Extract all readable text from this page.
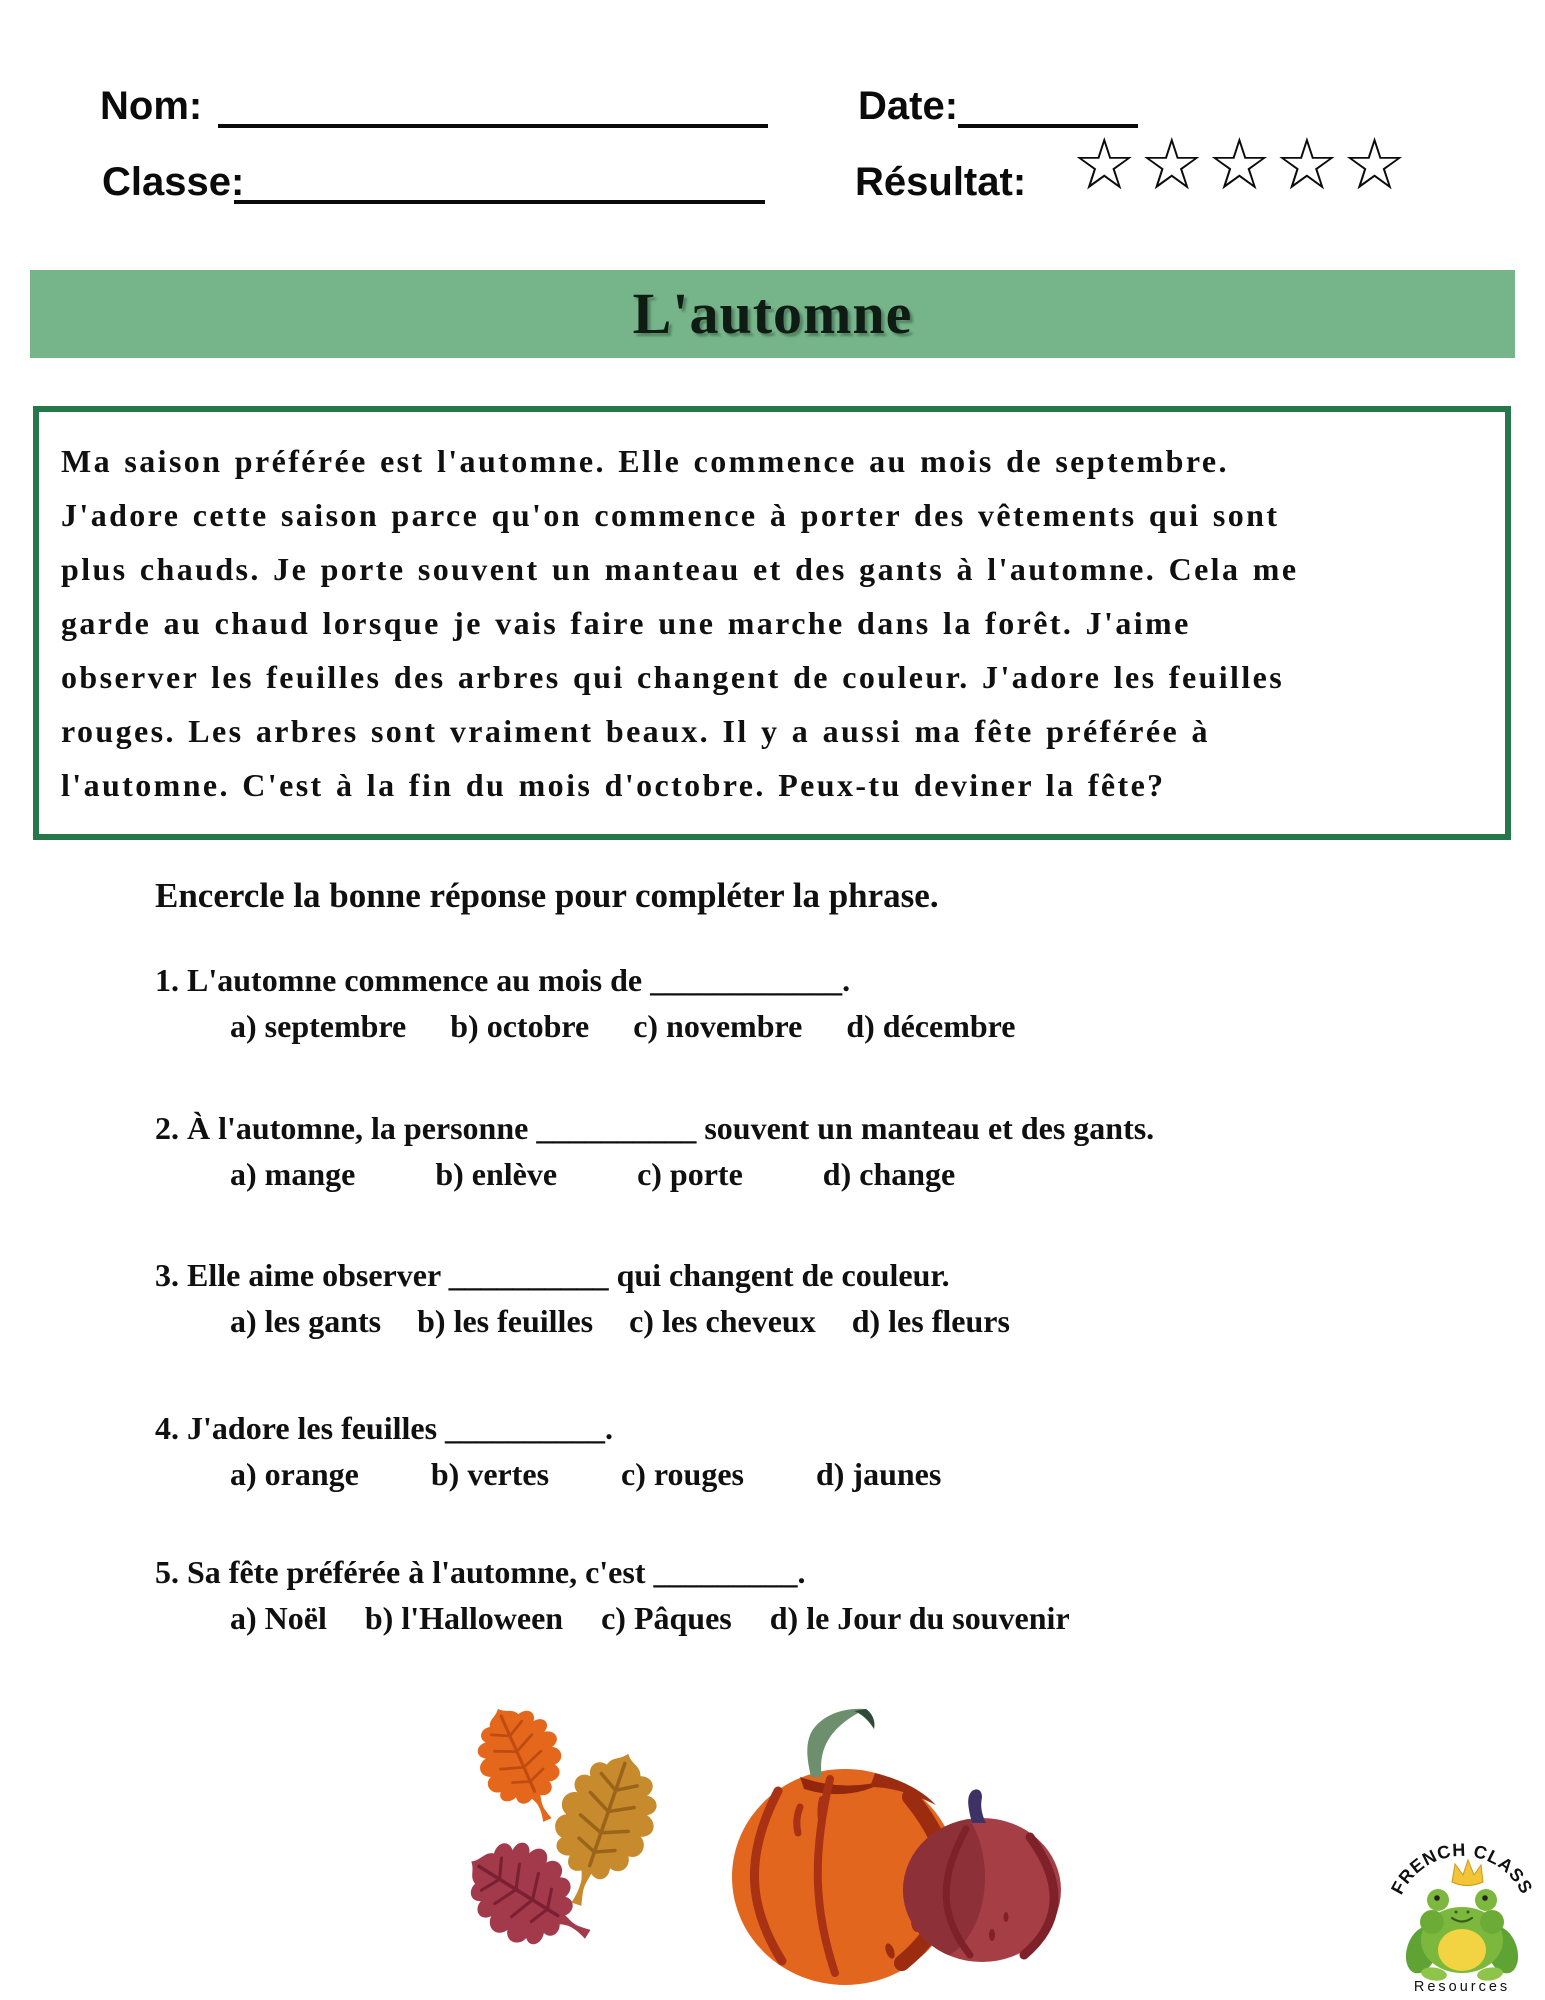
Nom:	Date:
Classe:	Résultat: ☆☆☆☆☆
L'automne
Ma saison préférée est l'automne. Elle commence au mois de septembre.
J'adore cette saison parce qu'on commence à porter des vêtements qui sont
plus chauds. Je porte souvent un manteau et des gants à l'automne. Cela me
garde au chaud lorsque je vais faire une marche dans la forêt. J'aime
observer les feuilles des arbres qui changent de couleur. J'adore les feuilles
rouges. Les arbres sont vraiment beaux. Il y a aussi ma fête préférée à
l'automne. C'est à la fin du mois d'octobre. Peux-tu deviner la fête?
Encercle la bonne réponse pour compléter la phrase.
1. L'automne commence au mois de ____________.
a) septembre b) octobre c) novembre d) décembre
2. À l'automne, la personne __________ souvent un manteau et des gants.
a) mange	b) enlève	c) porte	d) change
3. Elle aime observer __________ qui changent de couleur.
a) les gants b) les feuilles c) les cheveux d) les fleurs
4. J'adore les feuilles __________.
a) orange b) vertes c) rouges d) jaunes
5. Sa fête préférée à l'automne, c'est _________.
a) Noël b) l'Halloween c) Pâques d) le Jour du souvenir
FRENCH CLASS
Resources
